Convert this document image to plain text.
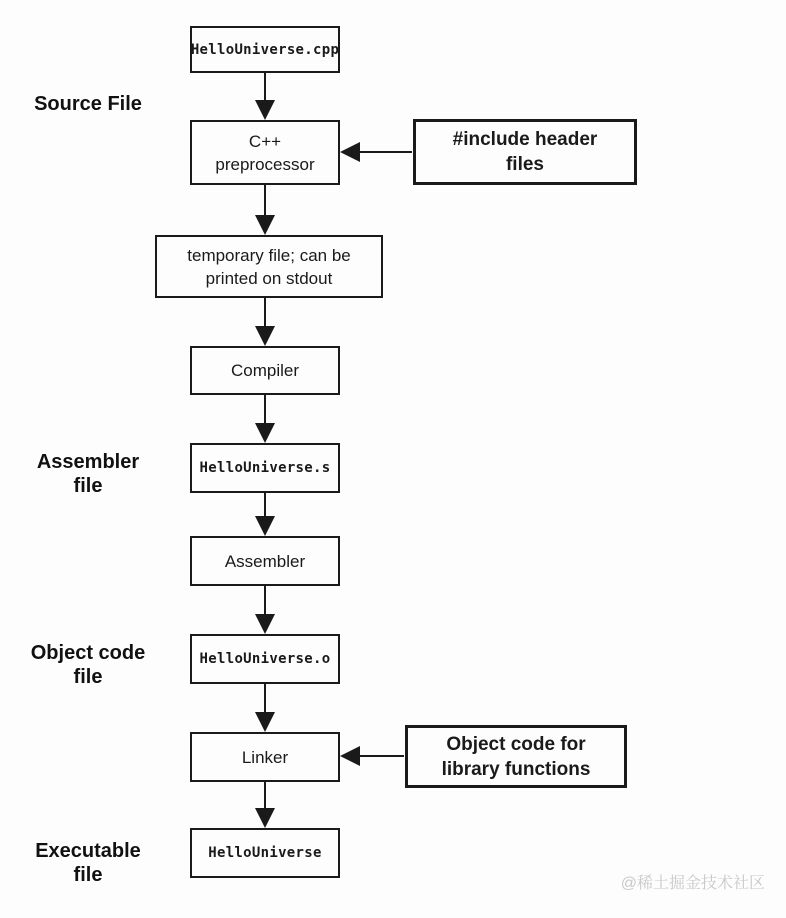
Source File
Assembler
file
Object code
file
Executable
file
HelloUniverse.cpp
C++
preprocessor
#include header
files
temporary file; can be
printed on stdout
Compiler
HelloUniverse.s
Assembler
HelloUniverse.o
Linker
Object code for
library functions
HelloUniverse
@稀土掘金技术社区
